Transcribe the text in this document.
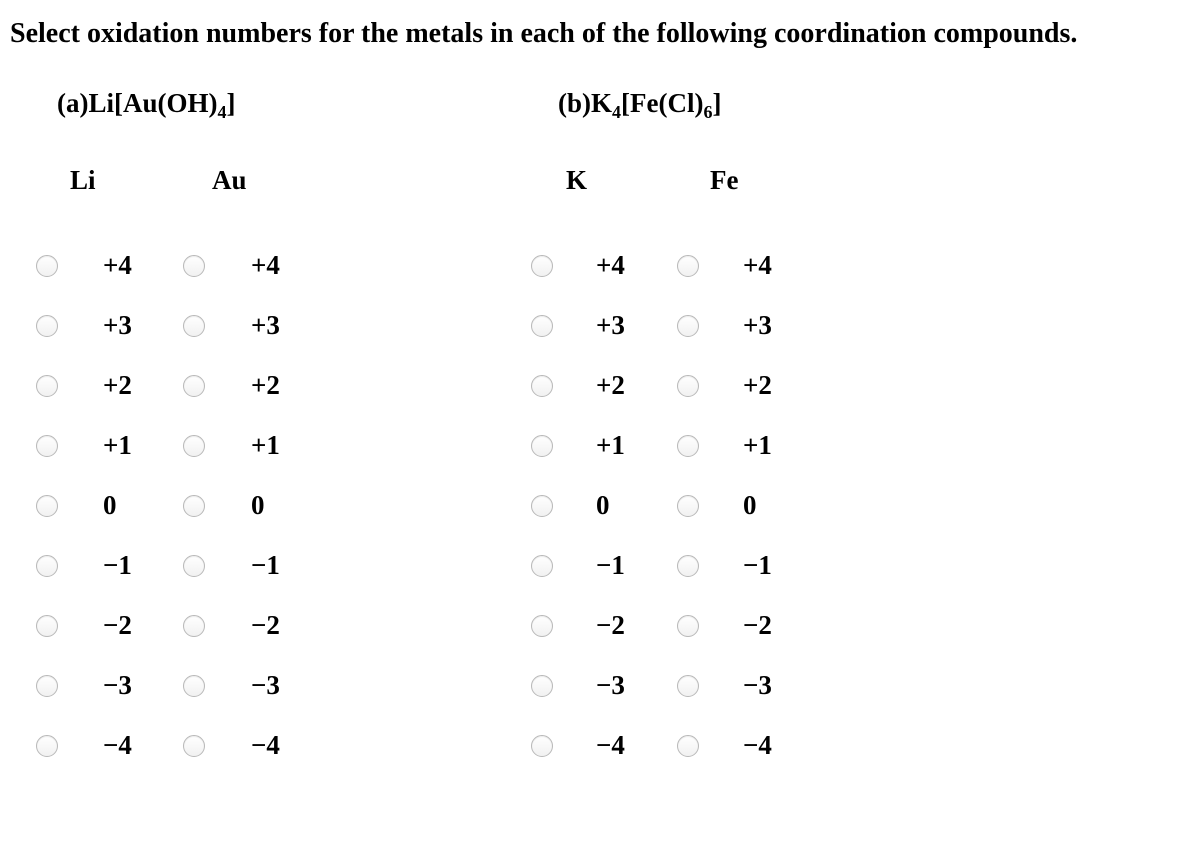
Select oxidation numbers for the metals in each of the following coordination compounds.
$(a)Li[Au(OH)_4]$	$(b)K_4[Fe(Cl)_6]$
Li	Au	K	Fe
+4
+3
+2
+1
0
−1
−2
−3
−4
+4
+3
+2
+1
0
−1
−2
−3
−4
+4
+3
+2
+1
0
−1
−2
−3
−4
+4
+3
+2
+1
0
−1
−2
−3
−4
